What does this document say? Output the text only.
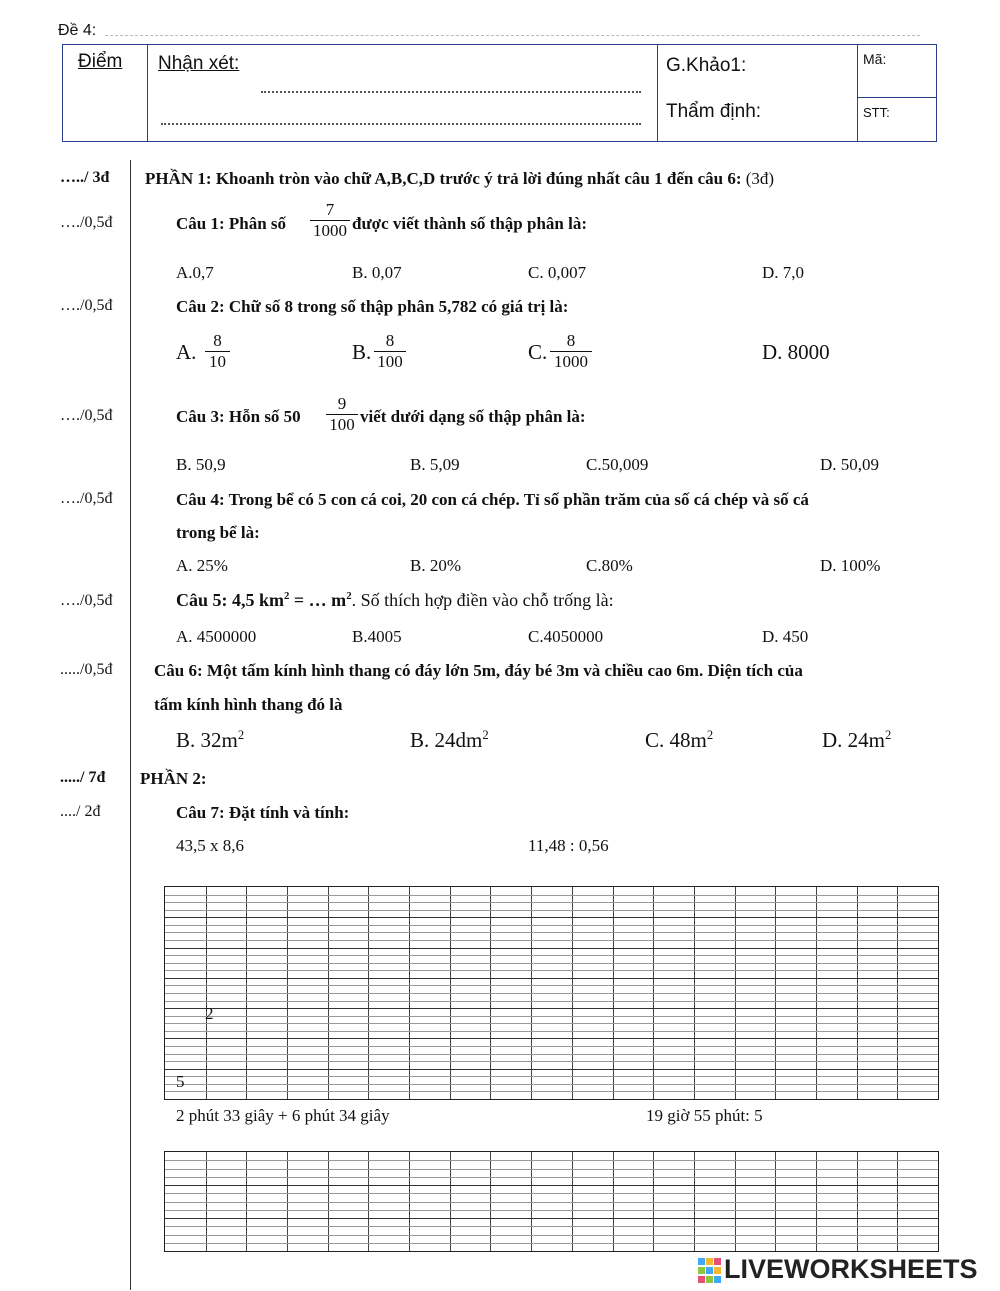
Đề 4:
Điểm Nhận xét:	G.Khảo1:
Thẩm định:
Mã:
STT:
…../ 3đ PHẦN 1: Khoanh tròn vào chữ A,B,C,D trước ý trả lời đúng nhất câu 1 đến câu 6: (3đ)
…./0,5đ	Câu 1: Phân số $\frac{7}{1000}$ được viết thành số thập phân là:
A.0,7	B. 0,07	C. 0,007	D. 7,0
…./0,5đ	Câu 2: Chữ số 8 trong số thập phân 5,782 có giá trị là:
A. $\frac{8}{10}$	B. $\frac{8}{100}$	C. $\frac{8}{1000}$	D. 8000
…./0,5đ	Câu 3: Hỗn số $50 \frac{9}{100}$ viết dưới dạng số thập phân là:
B. 50,9	B. 5,09	C.50,009	D. 50,09
…./0,5đ	Câu 4: Trong bể có 5 con cá coi, 20 con cá chép. Tỉ số phần trăm của số cá chép và số cá
trong bể là:
A. 25%	B. 20%	C.80%	D. 100%
…./0,5đ	Câu 5: 4,5 $km^2$ = … $m^2$. Số thích hợp điền vào chỗ trống là:
A. 4500000	B.4005	C.4050000	D. 450
...../0,5đ Câu 6: Một tấm kính hình thang có đáy lớn 5m, đáy bé 3m và chiều cao 6m. Diện tích của
tấm kính hình thang đó là
B. $32m^2$	B. $24dm^2$	C. $48m^2$	D. $24m^2$
...../ 7đ PHẦN 2:
..../ 2đ	Câu 7: Đặt tính và tính:
43,5 x 8,6	11,48 : 0,56
2
5
2 phút 33 giây + 6 phút 34 giây	19 giờ 55 phút: 5
LIVEWORKSHEETS
